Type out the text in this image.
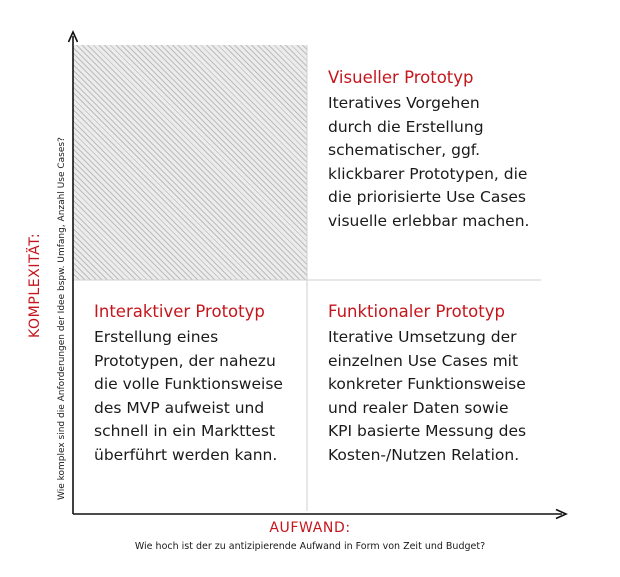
Visueller Prototyp
Iteratives Vorgehen
durch die Erstellung
schematischer, ggf.
klickbarer Prototypen, die
die priorisierte Use Cases
visuelle erlebbar machen.
Interaktiver Prototyp
Erstellung eines
Prototypen, der nahezu
die volle Funktionsweise
des MVP aufweist und
schnell in ein Markttest
überführt werden kann.
Funktionaler Prototyp
Iterative Umsetzung der
einzelnen Use Cases mit
konkreter Funktionsweise
und realer Daten sowie
KPI basierte Messung des
Kosten-/Nutzen Relation.
KOMPLEXITÄT: Wie komplex sind die Anforderungen der Idee bspw. Umfang, Anzahl Use Cases?
AUFWAND:
Wie hoch ist der zu antizipierende Aufwand in Form von Zeit und Budget?
